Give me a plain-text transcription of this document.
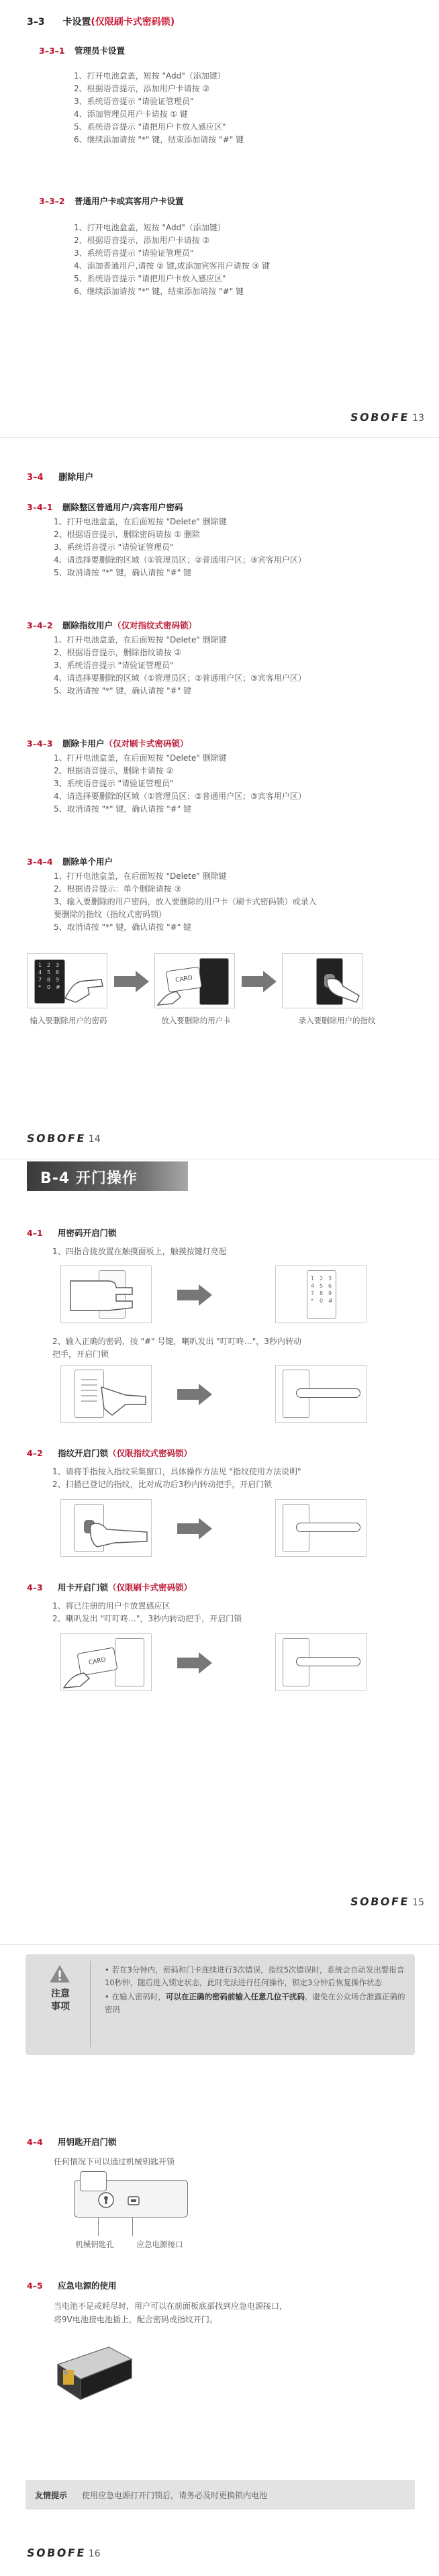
3–3 卡设置(仅限刷卡式密码锁)
3–3–1 管理员卡设置
1、打开电池盒盖，短按 "Add"（添加键）
2、根据语音提示，添加用户卡请按 ②
3、系统语音提示 "请验证管理员"
4、添加管理员用户卡请按 ① 键
5、系统语音提示 "请把用户卡放入感应区"
6、继续添加请按 "*" 键，结束添加请按 "#" 键
3–3–2 普通用户卡或宾客用户卡设置
1、打开电池盒盖，短按 "Add"（添加键）
2、根据语音提示，添加用户卡请按 ②
3、系统语音提示 "请验证管理员"
4、添加普通用户,请按 ② 键,或添加宾客用户请按 ③ 键
5、系统语音提示 "请把用户卡放入感应区"
6、继续添加请按 "*" 键，结束添加请按 "#" 键
SOBOFE 13
3–4 删除用户
3–4–1 删除整区普通用户/宾客用户密码
1、打开电池盒盖，在后面短按 "Delete" 删除键
2、根据语音提示，删除密码请按 ① 删除
3、系统语音提示 "请验证管理员"
4、请选择要删除的区域（①管理员区；②普通用户区；③宾客用户区）
5、取消请按 "*" 键，确认请按 "#" 键
3–4–2 删除指纹用户（仅对指纹式密码锁）
1、打开电池盒盖，在后面短按 "Delete" 删除键
2、根据语音提示，删除指纹请按 ②
3、系统语音提示 "请验证管理员"
4、请选择要删除的区域（①管理员区；②普通用户区；③宾客用户区）
5、取消请按 "*" 键，确认请按 "#" 键
3–4–3 删除卡用户（仅对刷卡式密码锁）
1、打开电池盒盖，在后面短按 "Delete" 删除键
2、根据语音提示，删除卡请按 ②
3、系统语音提示 "请验证管理员"
4、请选择要删除的区域（①管理员区；②普通用户区；③宾客用户区）
5、取消请按 "*" 键，确认请按 "#" 键
3–4–4 删除单个用户
1、打开电池盒盖，在后面短按 "Delete" 删除键
2、根据语音提示：单个删除请按 ③
3、输入要删除的用户密码，放入要删除的用户卡（刷卡式密码锁）或录入
要删除的指纹（指纹式密码锁）
5、取消请按 "*" 键，确认请按 "#" 键
1 2 3
4 5 6
7 8 9
*	0 #
CARD
输入要删除用户的密码	放入要删除的用户卡	录入要删除用户的指纹
SOBOFE 14
B-4 开门操作
4–1 用密码开启门锁
1、四指合拢放置在触摸面板上，触摸按键灯亮起
1 2 3
4 5 6
7 8 9
*	0 #
2、输入正确的密码，按 "#" 号键，喇叭发出 "叮叮咚…"，3秒内转动
把手，开启门锁
4–2 指纹开启门锁（仅限指纹式密码锁）
1、请将手指按入指纹采集窗口，具体操作方法见 "指纹使用方法说明"
2、扫描已登记的指纹，比对成功后3秒内转动把手，开启门锁
4–3 用卡开启门锁（仅限刷卡式密码锁）
1、将已注册的用户卡放置感应区
2、喇叭发出 "叮叮咚…"，3秒内转动把手，开启门锁
CARD
SOBOFE 15
注意
事项
• 若在3分钟内，密码和门卡连续进行3次错误，指纹5次错误时，系统会自动发出警报音10秒钟，随后进入锁定状态，此时无法进行任何操作，锁定3分钟后恢复操作状态
• 在输入密码时，可以在正确的密码前输入任意几位干扰码，避免在公众场合泄露正确的密码
4–4 用钥匙开启门锁
任何情况下可以通过机械钥匙开锁
机械钥匙孔	应急电源接口
4–5 应急电源的使用
当电池不足或耗尽时，用户可以在前面板底部找到应急电源接口，
将9V电池接电池插上，配合密码或指纹开门。
友情提示 使用应急电源打开门锁后，请务必及时更换锁内电池
SOBOFE 16
